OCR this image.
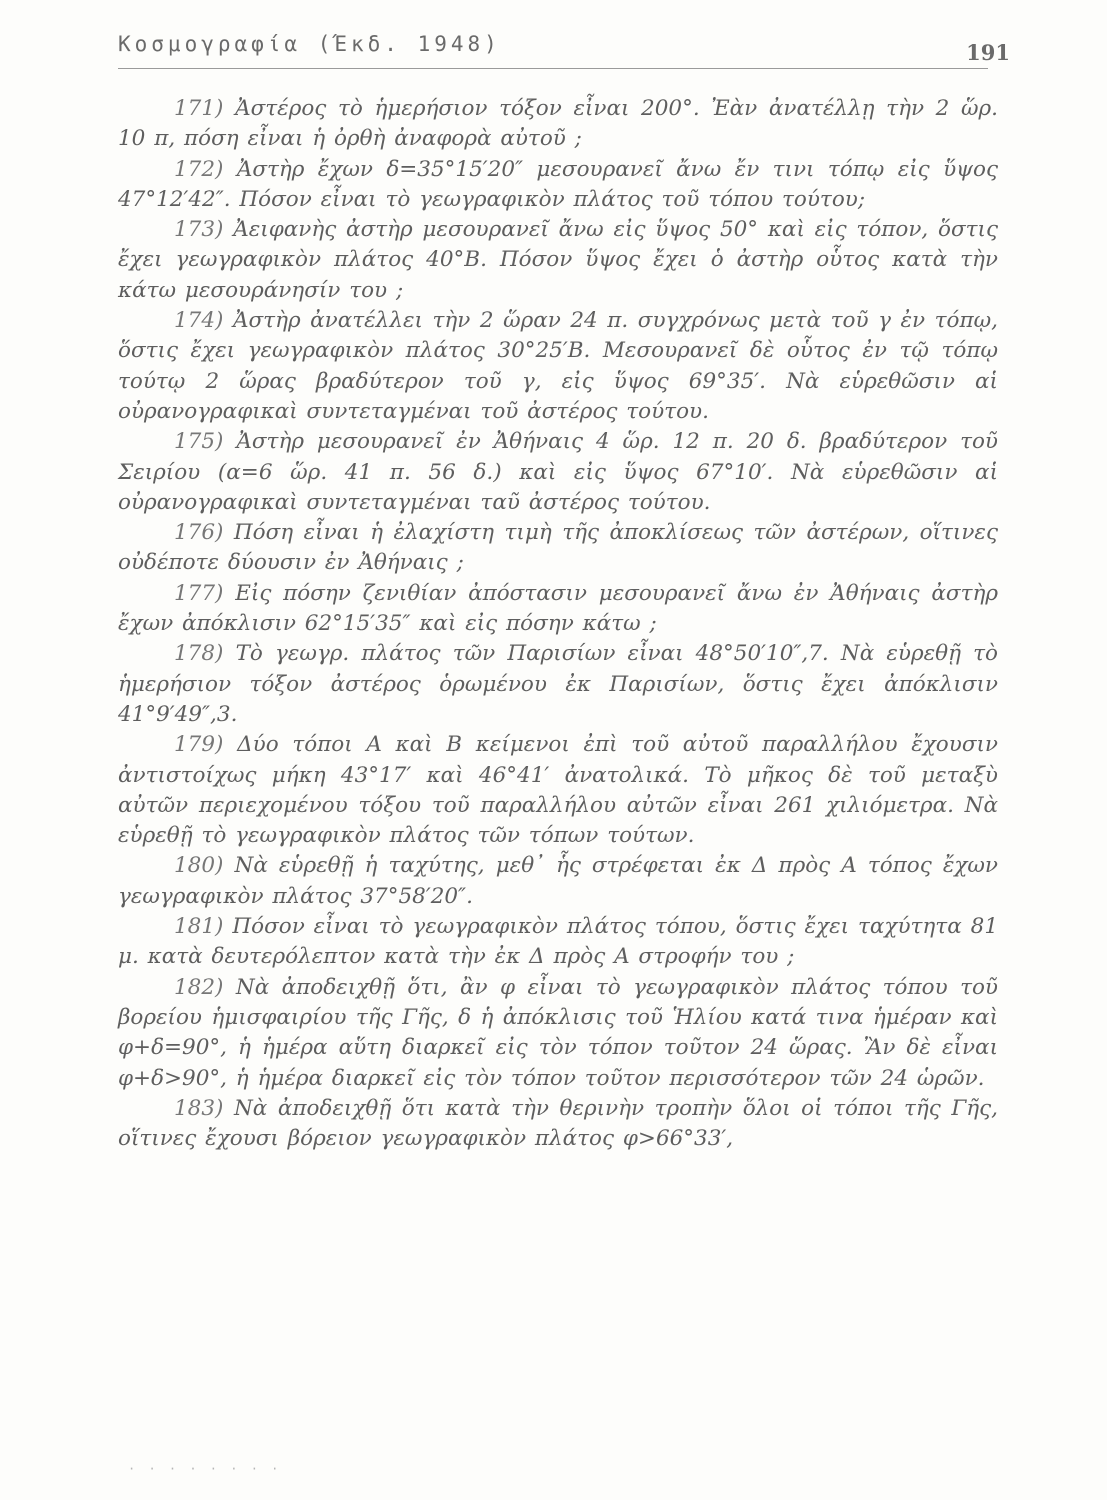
Κοσμογραφία (Έκδ. 1948)	191

171) Ἀστέρος τὸ ἡμερήσιον τόξον εἶναι 200°. Ἐὰν ἀνατέλλῃ τὴν 2 ὥρ. 10 π, πόση εἶναι ἡ ὀρθὴ ἀναφορὰ αὐτοῦ ;

172) Ἀστὴρ ἔχων δ=35°15′20″ μεσουρανεῖ ἄνω ἔν τινι τόπῳ εἰς ὕψος 47°12′42″. Πόσον εἶναι τὸ γεωγραφικὸν πλάτος τοῦ τόπου τούτου;

173) Ἀειφανὴς ἀστὴρ μεσουρανεῖ ἄνω εἰς ὕψος 50° καὶ εἰς τόπον, ὅστις ἔχει γεωγραφικὸν πλάτος 40°Β. Πόσον ὕψος ἔχει ὁ ἀστὴρ οὗτος κατὰ τὴν κάτω μεσουράνησίν του ;

174) Ἀστὴρ ἀνατέλλει τὴν 2 ὥραν 24 π. συγχρόνως μετὰ τοῦ γ ἐν τόπῳ, ὅστις ἔχει γεωγραφικὸν πλάτος 30°25′Β. Μεσουρανεῖ δὲ οὗτος ἐν τῷ τόπῳ τούτῳ 2 ὥρας βραδύτερον τοῦ γ, εἰς ὕψος 69°35′. Νὰ εὑρεθῶσιν αἱ οὐρανογραφικαὶ συντεταγμέναι τοῦ ἀστέρος τούτου.

175) Ἀστὴρ μεσουρανεῖ ἐν Ἀθήναις 4 ὥρ. 12 π. 20 δ. βραδύτερον τοῦ Σειρίου (α=6 ὥρ. 41 π. 56 δ.) καὶ εἰς ὕψος 67°10′. Νὰ εὑρεθῶσιν αἱ οὐρανογραφικαὶ συντεταγμέναι ταῦ ἀστέρος τούτου.

176) Πόση εἶναι ἡ ἐλαχίστη τιμὴ τῆς ἀποκλίσεως τῶν ἀστέρων, οἵτινες οὐδέποτε δύουσιν ἐν Ἀθήναις ;

177) Εἰς πόσην ζενιθίαν ἀπόστασιν μεσουρανεῖ ἄνω ἐν Ἀθήναις ἀστὴρ ἔχων ἀπόκλισιν 62°15′35″ καὶ εἰς πόσην κάτω ;

178) Τὸ γεωγρ. πλάτος τῶν Παρισίων εἶναι 48°50′10″,7. Νὰ εὑρεθῇ τὸ ἡμερήσιον τόξον ἀστέρος ὁρωμένου ἐκ Παρισίων, ὅστις ἔχει ἀπόκλισιν 41°9′49″,3.

179) Δύο τόποι Α καὶ Β κείμενοι ἐπὶ τοῦ αὐτοῦ παραλλήλου ἔχουσιν ἀντιστοίχως μήκη 43°17′ καὶ 46°41′ ἀνατολικά. Τὸ μῆκος δὲ τοῦ μεταξὺ αὐτῶν περιεχομένου τόξου τοῦ παραλλήλου αὐτῶν εἶναι 261 χιλιόμετρα. Νὰ εὑρεθῇ τὸ γεωγραφικὸν πλάτος τῶν τόπων τούτων.

180) Νὰ εὑρεθῇ ἡ ταχύτης, μεθ᾽ ἧς στρέφεται ἐκ Δ πρὸς Α τόπος ἔχων γεωγραφικὸν πλάτος 37°58′20″.

181) Πόσον εἶναι τὸ γεωγραφικὸν πλάτος τόπου, ὅστις ἔχει ταχύτητα 81 μ. κατὰ δευτερόλεπτον κατὰ τὴν ἐκ Δ πρὸς Α στροφήν του ;

182) Νὰ ἀποδειχθῇ ὅτι, ἂν φ εἶναι τὸ γεωγραφικὸν πλάτος τόπου τοῦ βορείου ἡμισφαιρίου τῆς Γῆς, δ ἡ ἀπόκλισις τοῦ Ἡλίου κατά τινα ἡμέραν καὶ φ+δ=90°, ἡ ἡμέρα αὕτη διαρκεῖ εἰς τὸν τόπον τοῦτον 24 ὥρας. Ἂν δὲ εἶναι φ+δ>90°, ἡ ἡμέρα διαρκεῖ εἰς τὸν τόπον τοῦτον περισσότερον τῶν 24 ὡρῶν.

183) Νὰ ἀποδειχθῇ ὅτι κατὰ τὴν θερινὴν τροπὴν ὅλοι οἱ τόποι τῆς Γῆς, οἵτινες ἔχουσι βόρειον γεωγραφικὸν πλάτος φ>66°33′,

· · · · · · · ·
